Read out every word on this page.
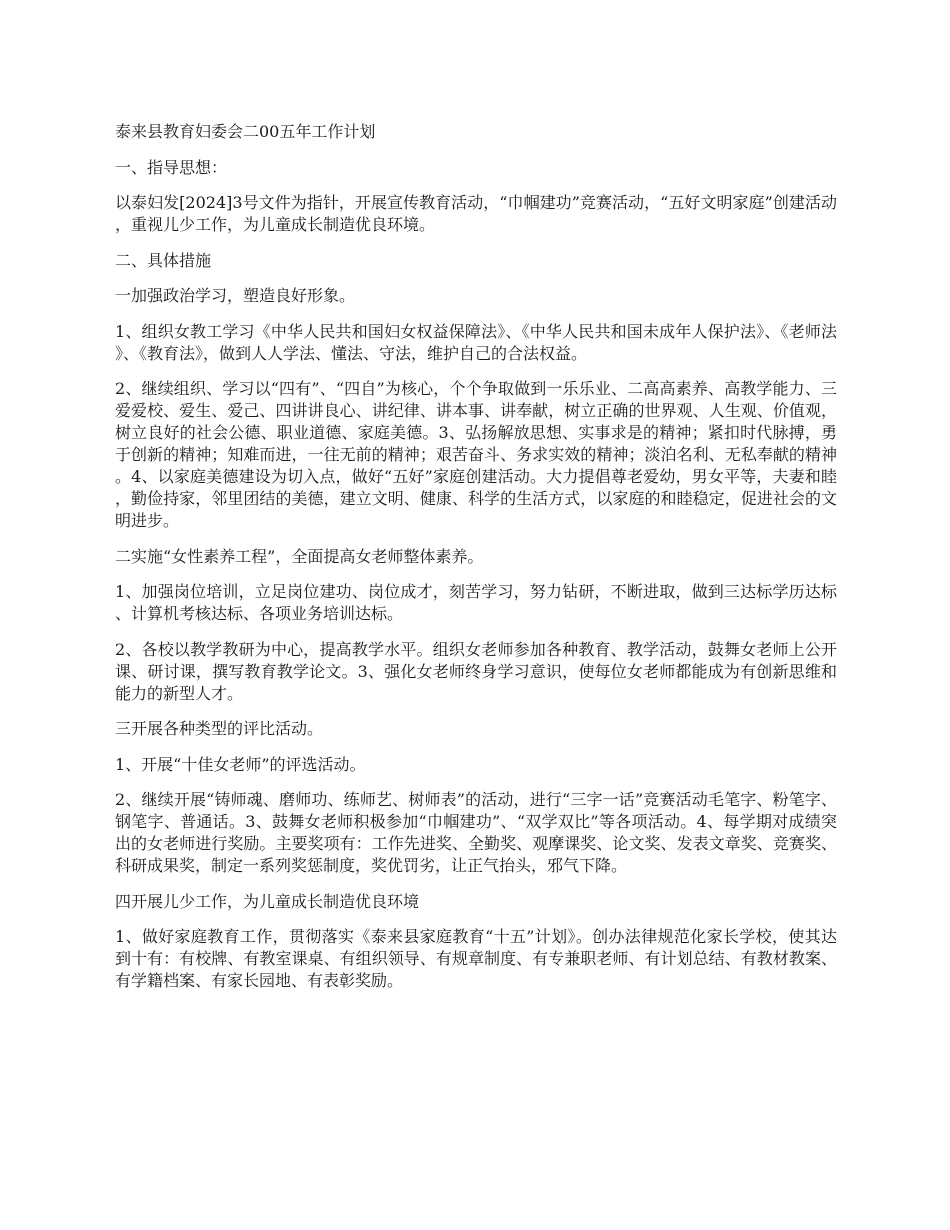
泰来县教育妇委会二00五年工作计划

一、指导思想：

以泰妇发[2024]3号文件为指针，开展宣传教育活动，“巾帼建功”竞赛活动，“五好文明家庭”创建活动，重视儿少工作，为儿童成长制造优良环境。

二、具体措施

一加强政治学习，塑造良好形象。

1、组织女教工学习《中华人民共和国妇女权益保障法》、《中华人民共和国未成年人保护法》、《老师法》、《教育法》，做到人人学法、懂法、守法，维护自己的合法权益。

2、继续组织、学习以“四有”、“四自”为核心，个个争取做到一乐乐业、二高高素养、高教学能力、三爱爱校、爱生、爱己、四讲讲良心、讲纪律、讲本事、讲奉献，树立正确的世界观、人生观、价值观，树立良好的社会公德、职业道德、家庭美德。3、弘扬解放思想、实事求是的精神；紧扣时代脉搏，勇于创新的精神；知难而进，一往无前的精神；艰苦奋斗、务求实效的精神；淡泊名利、无私奉献的精神。4、以家庭美德建设为切入点，做好“五好”家庭创建活动。大力提倡尊老爱幼，男女平等，夫妻和睦，勤俭持家，邻里团结的美德，建立文明、健康、科学的生活方式，以家庭的和睦稳定，促进社会的文明进步。

二实施“女性素养工程”，全面提高女老师整体素养。

1、加强岗位培训，立足岗位建功、岗位成才，刻苦学习，努力钻研，不断进取，做到三达标学历达标、计算机考核达标、各项业务培训达标。

2、各校以教学教研为中心，提高教学水平。组织女老师参加各种教育、教学活动，鼓舞女老师上公开课、研讨课，撰写教育教学论文。3、强化女老师终身学习意识，使每位女老师都能成为有创新思维和能力的新型人才。

三开展各种类型的评比活动。

1、开展“十佳女老师”的评选活动。

2、继续开展“铸师魂、磨师功、练师艺、树师表”的活动，进行“三字一话”竞赛活动毛笔字、粉笔字、钢笔字、普通话。3、鼓舞女老师积极参加“巾帼建功”、“双学双比”等各项活动。4、每学期对成绩突出的女老师进行奖励。主要奖项有：工作先进奖、全勤奖、观摩课奖、论文奖、发表文章奖、竞赛奖、科研成果奖，制定一系列奖惩制度，奖优罚劣，让正气抬头，邪气下降。

四开展儿少工作，为儿童成长制造优良环境

1、做好家庭教育工作，贯彻落实《泰来县家庭教育“十五”计划》。创办法律规范化家长学校，使其达到十有：有校牌、有教室课桌、有组织领导、有规章制度、有专兼职老师、有计划总结、有教材教案、有学籍档案、有家长园地、有表彰奖励。
